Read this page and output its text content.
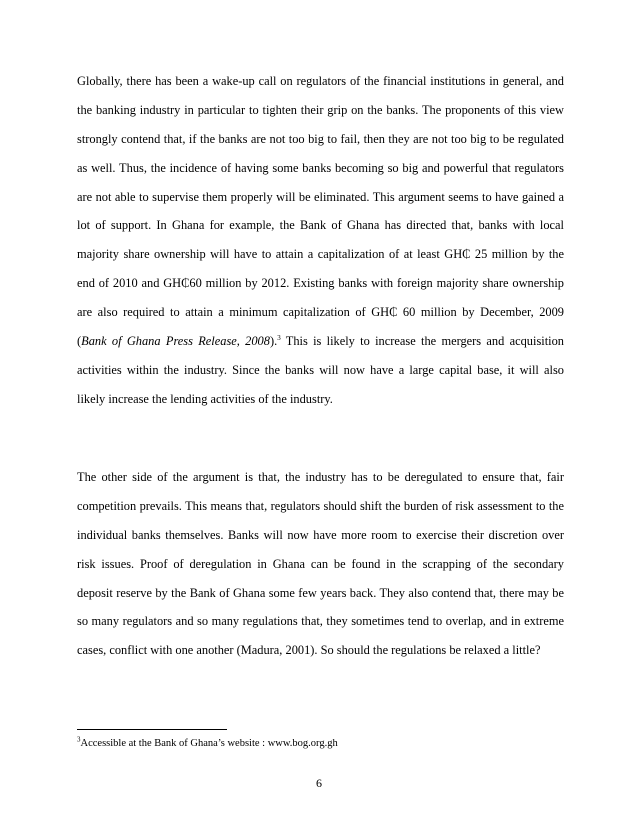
Globally, there has been a wake-up call on regulators of the financial institutions in general, and
the banking industry in particular to tighten their grip on the banks. The proponents of this view
strongly contend that, if the banks are not too big to fail, then they are not too big to be regulated
as well. Thus, the incidence of having some banks becoming so big and powerful that regulators
are not able to supervise them properly will be eliminated. This argument seems to have gained a
lot of support. In Ghana for example, the Bank of Ghana has directed that, banks with local
majority share ownership will have to attain a capitalization of at least GH₵ 25 million by the
end of 2010 and GH₵60 million by 2012. Existing banks with foreign majority share ownership
are also required to attain a minimum capitalization of GH₵ 60 million by December, 2009
(Bank of Ghana Press Release, 2008).$^3$ This is likely to increase the mergers and acquisition
activities within the industry. Since the banks will now have a large capital base, it will also
likely increase the lending activities of the industry.
The other side of the argument is that, the industry has to be deregulated to ensure that, fair
competition prevails. This means that, regulators should shift the burden of risk assessment to the
individual banks themselves. Banks will now have more room to exercise their discretion over
risk issues. Proof of deregulation in Ghana can be found in the scrapping of the secondary
deposit reserve by the Bank of Ghana some few years back. They also contend that, there may be
so many regulators and so many regulations that, they sometimes tend to overlap, and in extreme
cases, conflict with one another (Madura, 2001). So should the regulations be relaxed a little?
$^3$Accessible at the Bank of Ghana’s website : www.bog.org.gh
6
